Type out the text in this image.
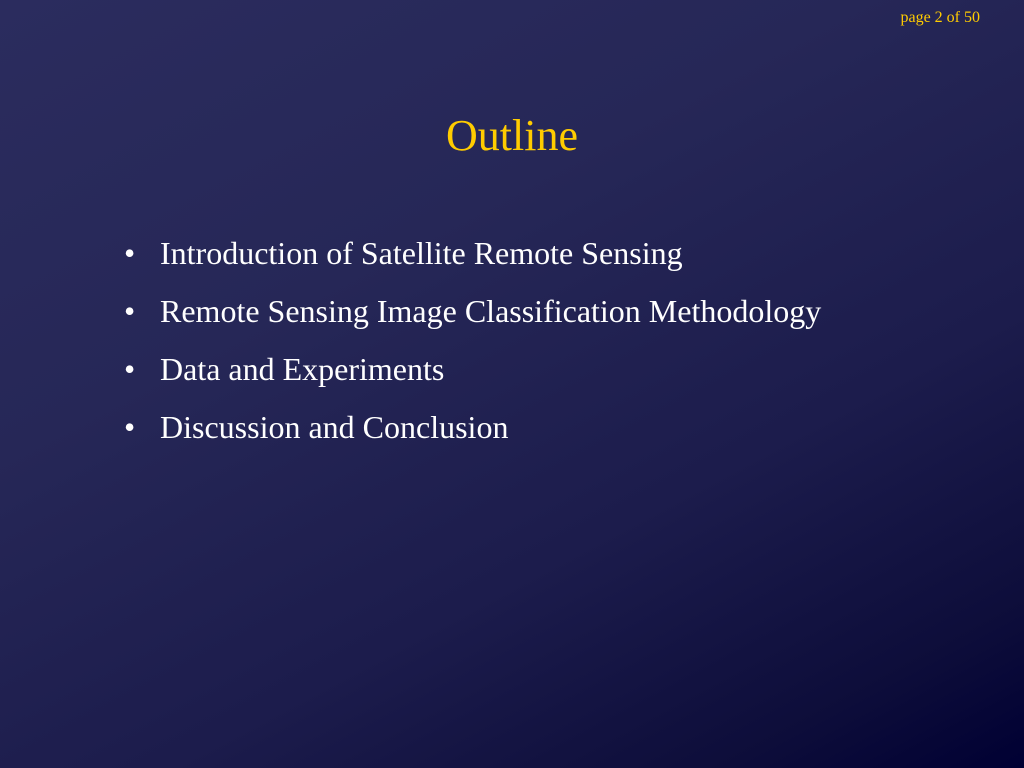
page 2 of 50
Outline
• Introduction of Satellite Remote Sensing
• Remote Sensing Image Classification Methodology
• Data and Experiments
• Discussion and Conclusion
